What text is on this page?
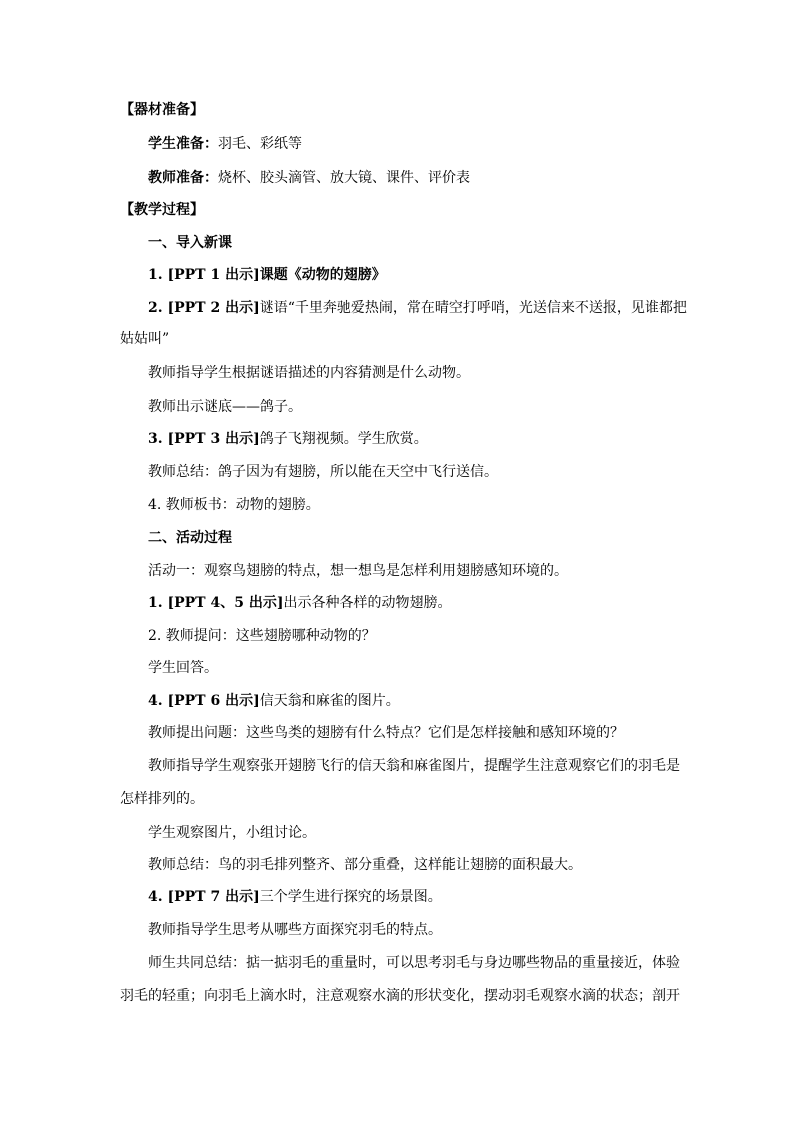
【器材准备】
学生准备：羽毛、彩纸等
教师准备：烧杯、胶头滴管、放大镜、课件、评价表
【教学过程】
一、导入新课
1. [PPT 1 出示]课题《动物的翅膀》
2. [PPT 2 出示]谜语“千里奔驰爱热闹，常在晴空打呼哨，光送信来不送报，见谁都把
姑姑叫”
教师指导学生根据谜语描述的内容猜测是什么动物。
教师出示谜底——鸽子。
3. [PPT 3 出示]鸽子飞翔视频。学生欣赏。
教师总结：鸽子因为有翅膀，所以能在天空中飞行送信。
4. 教师板书：动物的翅膀。
二、活动过程
活动一：观察鸟翅膀的特点，想一想鸟是怎样利用翅膀感知环境的。
1. [PPT 4、5 出示]出示各种各样的动物翅膀。
2. 教师提问：这些翅膀哪种动物的？
学生回答。
4. [PPT 6 出示]信天翁和麻雀的图片。
教师提出问题：这些鸟类的翅膀有什么特点？它们是怎样接触和感知环境的？
教师指导学生观察张开翅膀飞行的信天翁和麻雀图片，提醒学生注意观察它们的羽毛是
怎样排列的。
学生观察图片，小组讨论。
教师总结：鸟的羽毛排列整齐、部分重叠，这样能让翅膀的面积最大。
4. [PPT 7 出示]三个学生进行探究的场景图。
教师指导学生思考从哪些方面探究羽毛的特点。
师生共同总结：掂一掂羽毛的重量时，可以思考羽毛与身边哪些物品的重量接近，体验
羽毛的轻重；向羽毛上滴水时，注意观察水滴的形状变化，摆动羽毛观察水滴的状态；剖开
